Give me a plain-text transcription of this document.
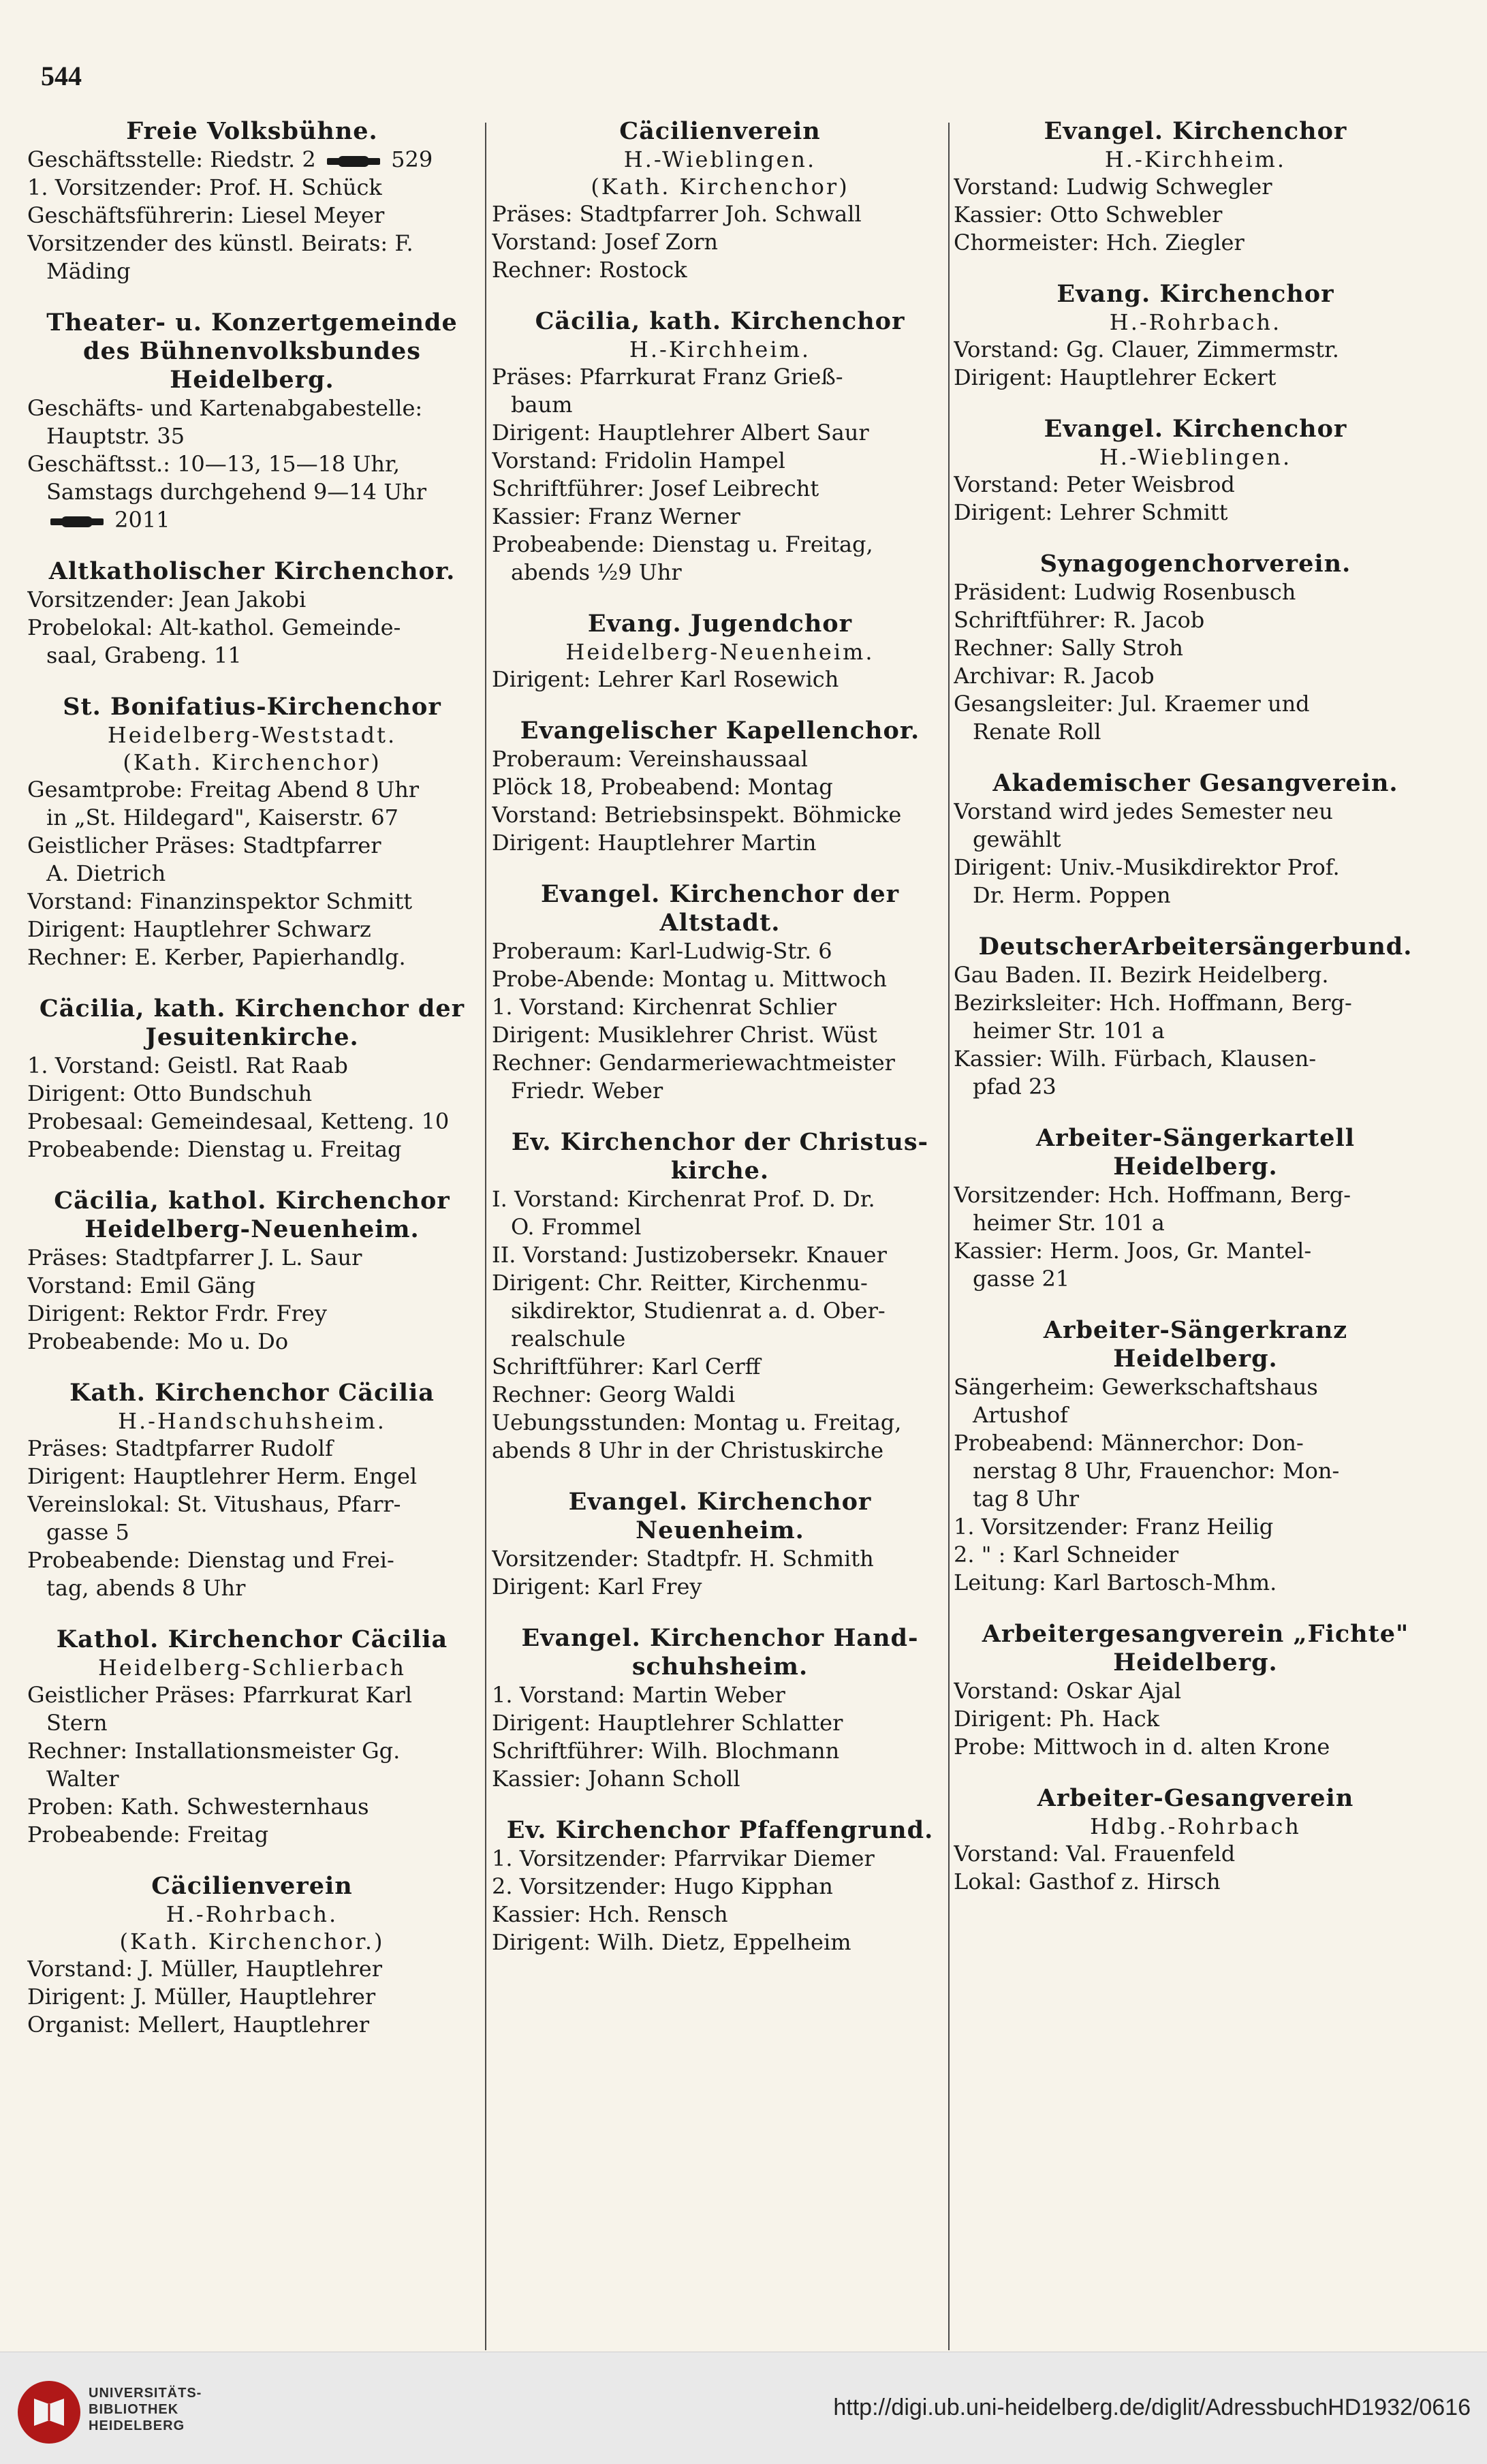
544
Freie Volksbühne.
Geschäftsstelle: Riedstr. 2	529
1. Vorsitzender: Prof. H. Schück
Geschäftsführerin: Liesel Meyer
Vorsitzender des künstl. Beirats: F.
Mäding
Theater- u. Konzertgemeinde
des Bühnenvolksbundes
Heidelberg.
Geschäfts- und Kartenabgabestelle:
Hauptstr. 35
Geschäftsst.: 10—13, 15—18 Uhr,
Samstags durchgehend 9—14 Uhr
2011
Altkatholischer Kirchenchor.
Vorsitzender: Jean Jakobi
Probelokal: Alt-kathol. Gemeinde-
saal, Grabeng. 11
St. Bonifatius-Kirchenchor
Heidelberg-Weststadt.
(Kath. Kirchenchor)
Gesamtprobe: Freitag Abend 8 Uhr
in „St. Hildegard", Kaiserstr. 67
Geistlicher Präses: Stadtpfarrer
A. Dietrich
Vorstand: Finanzinspektor Schmitt
Dirigent: Hauptlehrer Schwarz
Rechner: E. Kerber, Papierhandlg.
Cäcilia, kath. Kirchenchor der
Jesuitenkirche.
1. Vorstand: Geistl. Rat Raab
Dirigent: Otto Bundschuh
Probesaal: Gemeindesaal, Ketteng. 10
Probeabende: Dienstag u. Freitag
Cäcilia, kathol. Kirchenchor
Heidelberg-Neuenheim.
Präses: Stadtpfarrer J. L. Saur
Vorstand: Emil Gäng
Dirigent: Rektor Frdr. Frey
Probeabende: Mo u. Do
Kath. Kirchenchor Cäcilia
H.-Handschuhsheim.
Präses: Stadtpfarrer Rudolf
Dirigent: Hauptlehrer Herm. Engel
Vereinslokal: St. Vitushaus, Pfarr-
gasse 5
Probeabende: Dienstag und Frei-
tag, abends 8 Uhr
Kathol. Kirchenchor Cäcilia
Heidelberg-Schlierbach
Geistlicher Präses: Pfarrkurat Karl
Stern
Rechner: Installationsmeister Gg.
Walter
Proben: Kath. Schwesternhaus
Probeabende: Freitag
Cäcilienverein
H.-Rohrbach.
(Kath. Kirchenchor.)
Vorstand: J. Müller, Hauptlehrer
Dirigent: J. Müller, Hauptlehrer
Organist: Mellert, Hauptlehrer
Cäcilienverein
H.-Wieblingen.
(Kath. Kirchenchor)
Präses: Stadtpfarrer Joh. Schwall
Vorstand: Josef Zorn
Rechner: Rostock
Cäcilia, kath. Kirchenchor
H.-Kirchheim.
Präses: Pfarrkurat Franz Grieß-
baum
Dirigent: Hauptlehrer Albert Saur
Vorstand: Fridolin Hampel
Schriftführer: Josef Leibrecht
Kassier: Franz Werner
Probeabende: Dienstag u. Freitag,
abends ½9 Uhr
Evang. Jugendchor
Heidelberg-Neuenheim.
Dirigent: Lehrer Karl Rosewich
Evangelischer Kapellenchor.
Proberaum: Vereinshaussaal
Plöck 18, Probeabend: Montag
Vorstand: Betriebsinspekt. Böhmicke
Dirigent: Hauptlehrer Martin
Evangel. Kirchenchor der
Altstadt.
Proberaum: Karl-Ludwig-Str. 6
Probe-Abende: Montag u. Mittwoch
1. Vorstand: Kirchenrat Schlier
Dirigent: Musiklehrer Christ. Wüst
Rechner: Gendarmeriewachtmeister
Friedr. Weber
Ev. Kirchenchor der Christus-
kirche.
I. Vorstand: Kirchenrat Prof. D. Dr.
O. Frommel
II. Vorstand: Justizobersekr. Knauer
Dirigent: Chr. Reitter, Kirchenmu-
sikdirektor, Studienrat a. d. Ober-
realschule
Schriftführer: Karl Cerff
Rechner: Georg Waldi
Uebungsstunden: Montag u. Freitag,
abends 8 Uhr in der Christuskirche
Evangel. Kirchenchor
Neuenheim.
Vorsitzender: Stadtpfr. H. Schmith
Dirigent: Karl Frey
Evangel. Kirchenchor Hand-
schuhsheim.
1. Vorstand: Martin Weber
Dirigent: Hauptlehrer Schlatter
Schriftführer: Wilh. Blochmann
Kassier: Johann Scholl
Ev. Kirchenchor Pfaffengrund.
1. Vorsitzender: Pfarrvikar Diemer
2. Vorsitzender: Hugo Kipphan
Kassier: Hch. Rensch
Dirigent: Wilh. Dietz, Eppelheim
Evangel. Kirchenchor
H.-Kirchheim.
Vorstand: Ludwig Schwegler
Kassier: Otto Schwebler
Chormeister: Hch. Ziegler
Evang. Kirchenchor
H.-Rohrbach.
Vorstand: Gg. Clauer, Zimmermstr.
Dirigent: Hauptlehrer Eckert
Evangel. Kirchenchor
H.-Wieblingen.
Vorstand: Peter Weisbrod
Dirigent: Lehrer Schmitt
Synagogenchorverein.
Präsident: Ludwig Rosenbusch
Schriftführer: R. Jacob
Rechner: Sally Stroh
Archivar: R. Jacob
Gesangsleiter: Jul. Kraemer und
Renate Roll
Akademischer Gesangverein.
Vorstand wird jedes Semester neu
gewählt
Dirigent: Univ.-Musikdirektor Prof.
Dr. Herm. Poppen
DeutscherArbeitersängerbund.
Gau Baden. II. Bezirk Heidelberg.
Bezirksleiter: Hch. Hoffmann, Berg-
heimer Str. 101 a
Kassier: Wilh. Fürbach, Klausen-
pfad 23
Arbeiter-Sängerkartell
Heidelberg.
Vorsitzender: Hch. Hoffmann, Berg-
heimer Str. 101 a
Kassier: Herm. Joos, Gr. Mantel-
gasse 21
Arbeiter-Sängerkranz
Heidelberg.
Sängerheim: Gewerkschaftshaus
Artushof
Probeabend: Männerchor: Don-
nerstag 8 Uhr, Frauenchor: Mon-
tag 8 Uhr
1. Vorsitzender: Franz Heilig
2. " : Karl Schneider
Leitung: Karl Bartosch-Mhm.
Arbeitergesangverein „Fichte"
Heidelberg.
Vorstand: Oskar Ajal
Dirigent: Ph. Hack
Probe: Mittwoch in d. alten Krone
Arbeiter-Gesangverein
Hdbg.-Rohrbach
Vorstand: Val. Frauenfeld
Lokal: Gasthof z. Hirsch
UNIVERSITÄTS-
BIBLIOTHEK
HEIDELBERG
http://digi.ub.uni-heidelberg.de/diglit/AdressbuchHD1932/0616
